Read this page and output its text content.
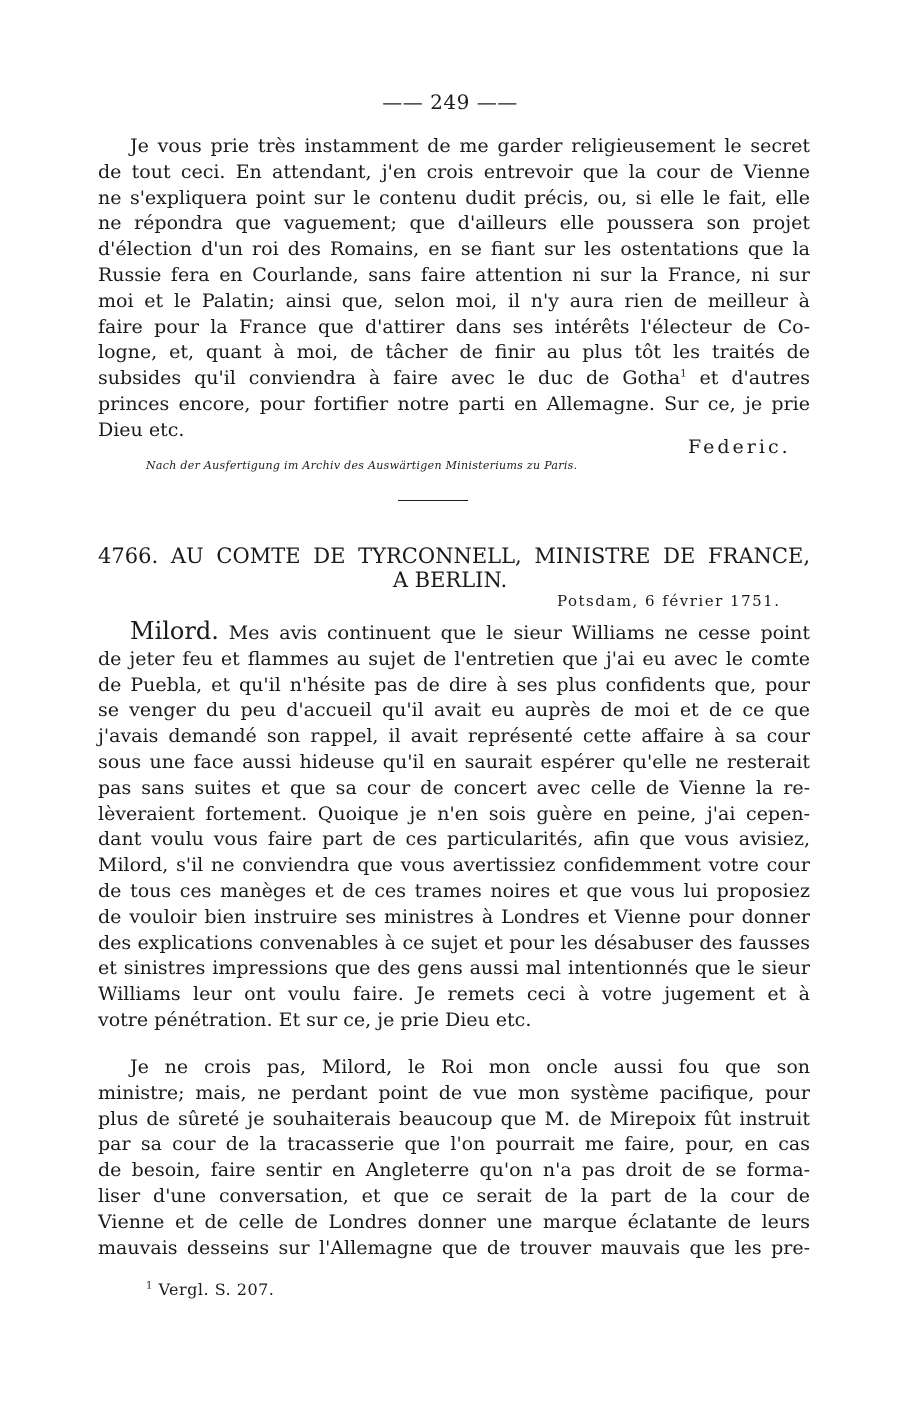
—— 249 ——

Je vous prie très instamment de me garder religieusement le secret

de tout ceci. En attendant, j'en crois entrevoir que la cour de Vienne

ne s'expliquera point sur le contenu dudit précis, ou, si elle le fait, elle

ne répondra que vaguement; que d'ailleurs elle poussera son projet

d'élection d'un roi des Romains, en se fiant sur les ostentations que la

Russie fera en Courlande, sans faire attention ni sur la France, ni sur

moi et le Palatin; ainsi que, selon moi, il n'y aura rien de meilleur à

faire pour la France que d'attirer dans ses intérêts l'électeur de Co-

logne, et, quant à moi, de tâcher de finir au plus tôt les traités de

subsides qu'il conviendra à faire avec le duc de Gotha$^1$ et d'autres

princes encore, pour fortifier notre parti en Allemagne. Sur ce, je prie

Dieu etc.

Federic.
Nach der Ausfertigung im Archiv des Auswärtigen Ministeriums zu Paris.
4766. AU COMTE DE TYRCONNELL, MINISTRE DE FRANCE,
A BERLIN.
Potsdam, 6 février 1751.

Milord. Mes avis continuent que le sieur Williams ne cesse point

de jeter feu et flammes au sujet de l'entretien que j'ai eu avec le comte

de Puebla, et qu'il n'hésite pas de dire à ses plus confidents que, pour

se venger du peu d'accueil qu'il avait eu auprès de moi et de ce que

j'avais demandé son rappel, il avait représenté cette affaire à sa cour

sous une face aussi hideuse qu'il en saurait espérer qu'elle ne resterait

pas sans suites et que sa cour de concert avec celle de Vienne la re-

lèveraient fortement. Quoique je n'en sois guère en peine, j'ai cepen-

dant voulu vous faire part de ces particularités, afin que vous avisiez,

Milord, s'il ne conviendra que vous avertissiez confidemment votre cour

de tous ces manèges et de ces trames noires et que vous lui proposiez

de vouloir bien instruire ses ministres à Londres et Vienne pour donner

des explications convenables à ce sujet et pour les désabuser des fausses

et sinistres impressions que des gens aussi mal intentionnés que le sieur

Williams leur ont voulu faire. Je remets ceci à votre jugement et à

votre pénétration. Et sur ce, je prie Dieu etc.

Je ne crois pas, Milord, le Roi mon oncle aussi fou que son

ministre; mais, ne perdant point de vue mon système pacifique, pour

plus de sûreté je souhaiterais beaucoup que M. de Mirepoix fût instruit

par sa cour de la tracasserie que l'on pourrait me faire, pour, en cas

de besoin, faire sentir en Angleterre qu'on n'a pas droit de se forma-

liser d'une conversation, et que ce serait de la part de la cour de

Vienne et de celle de Londres donner une marque éclatante de leurs

mauvais desseins sur l'Allemagne que de trouver mauvais que les pre-

$^1$ Vergl. S. 207.
